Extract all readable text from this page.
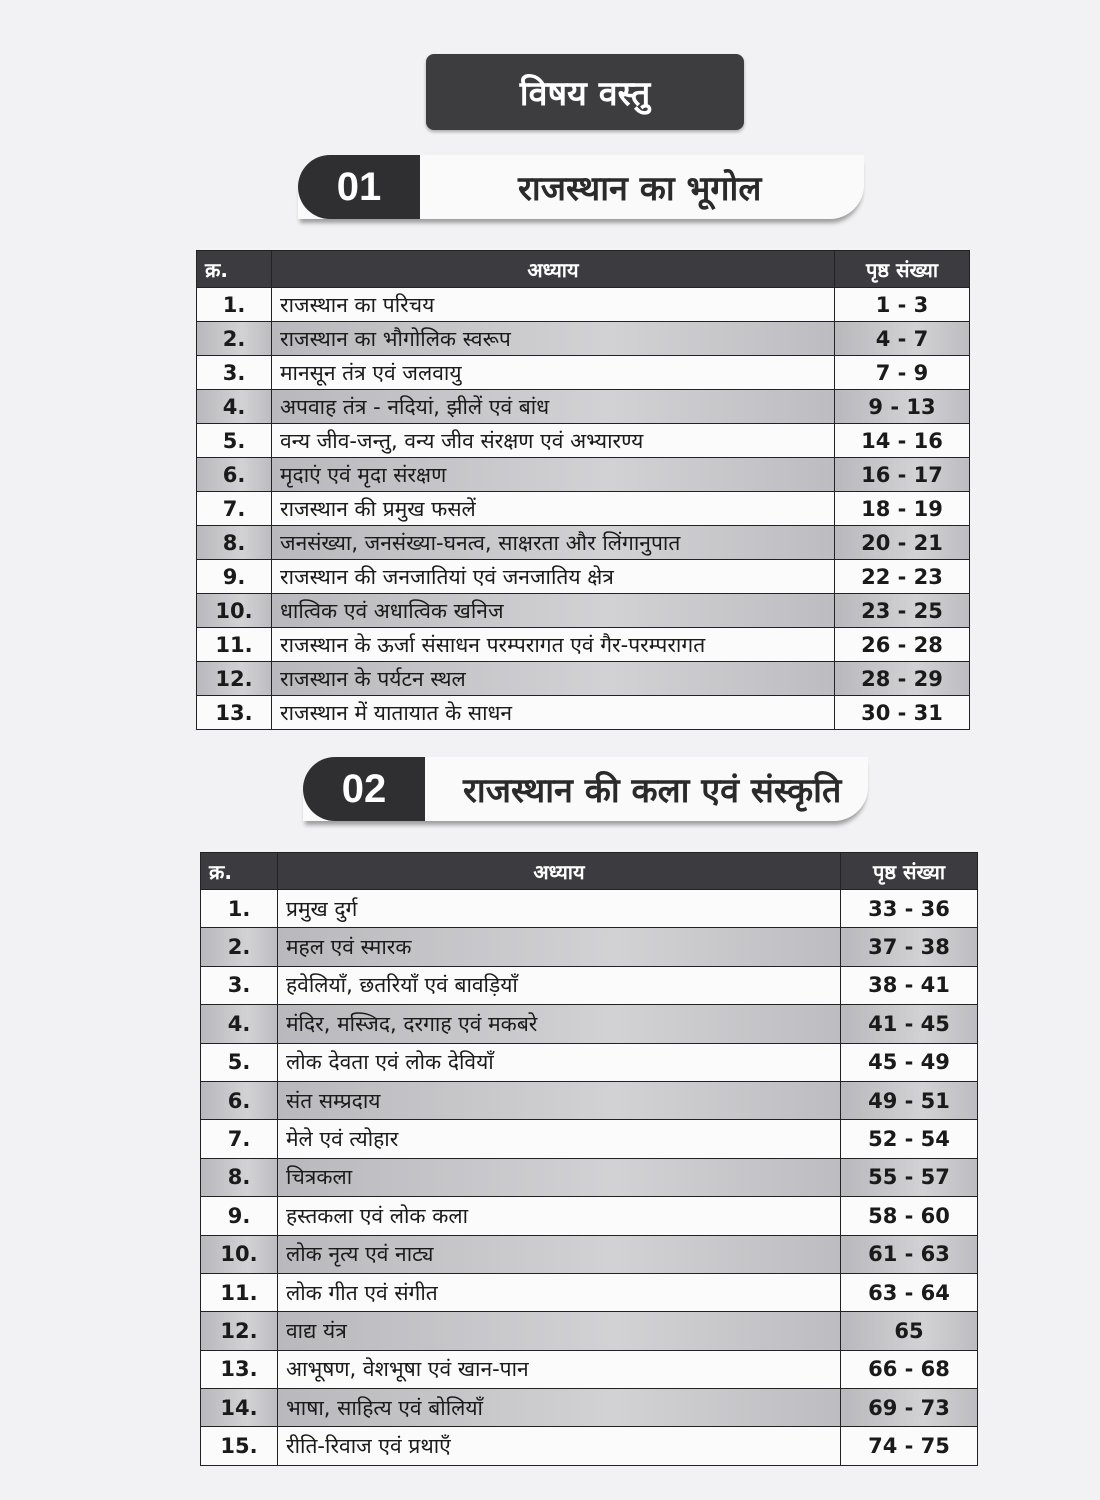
विषय वस्तु
01	राजस्थान का भूगोल
क्र.	अध्याय	पृष्ठ संख्या
1.	राजस्थान का परिचय	1 - 3
2.	राजस्थान का भौगोलिक स्वरूप	4 - 7
3.	मानसून तंत्र एवं जलवायु	7 - 9
4.	अपवाह तंत्र - नदियां, झीलें एवं बांध	9 - 13
5.	वन्य जीव-जन्तु, वन्य जीव संरक्षण एवं अभ्यारण्य	14 - 16
6.	मृदाएं एवं मृदा संरक्षण	16 - 17
7.	राजस्थान की प्रमुख फसलें	18 - 19
8.	जनसंख्या, जनसंख्या-घनत्व, साक्षरता और लिंगानुपात	20 - 21
9.	राजस्थान की जनजातियां एवं जनजातिय क्षेत्र	22 - 23
10.	धात्विक एवं अधात्विक खनिज	23 - 25
11.	राजस्थान के ऊर्जा संसाधन परम्परागत एवं गैर-परम्परागत	26 - 28
12.	राजस्थान के पर्यटन स्थल	28 - 29
13.	राजस्थान में यातायात के साधन	30 - 31
02	राजस्थान की कला एवं संस्कृति
क्र.	अध्याय	पृष्ठ संख्या
1.	प्रमुख दुर्ग	33 - 36
2.	महल एवं स्मारक	37 - 38
3.	हवेलियाँ, छतरियाँ एवं बावड़ियाँ	38 - 41
4.	मंदिर, मस्जिद, दरगाह एवं मकबरे	41 - 45
5.	लोक देवता एवं लोक देवियाँ	45 - 49
6.	संत सम्प्रदाय	49 - 51
7.	मेले एवं त्योहार	52 - 54
8.	चित्रकला	55 - 57
9.	हस्तकला एवं लोक कला	58 - 60
10.	लोक नृत्य एवं नाट्य	61 - 63
11.	लोक गीत एवं संगीत	63 - 64
12.	वाद्य यंत्र	65
13.	आभूषण, वेशभूषा एवं खान-पान	66 - 68
14.	भाषा, साहित्य एवं बोलियाँ	69 - 73
15.	रीति-रिवाज एवं प्रथाएँ	74 - 75
